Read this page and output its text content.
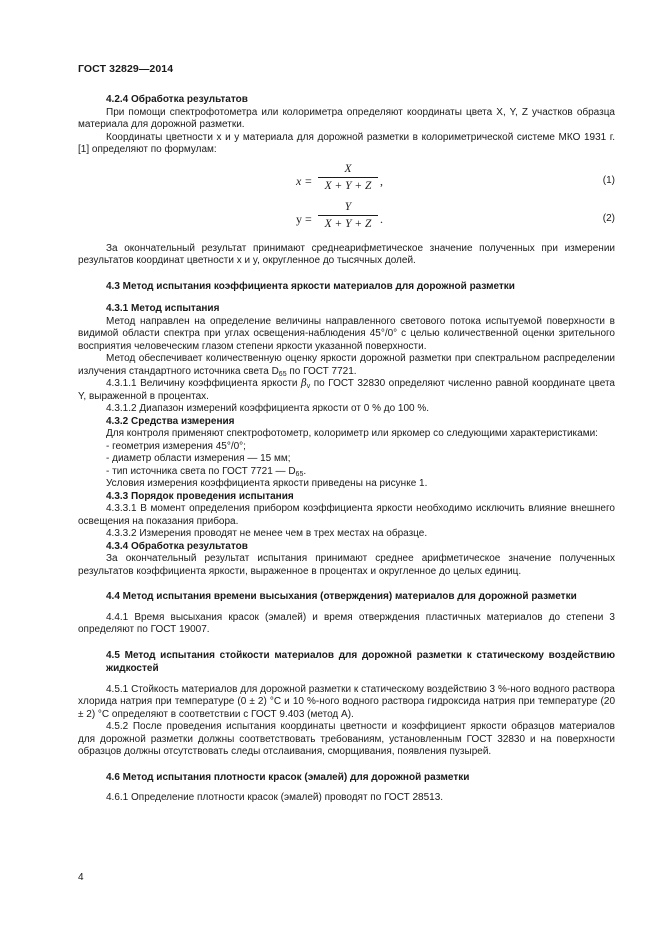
ГОСТ 32829—2014

4.2.4 Обработка результатов

При помощи спектрофотометра или колориметра определяют координаты цвета X, Y, Z участков образца материала для дорожной разметки.

Координаты цветности x и y материала для дорожной разметки в колориметрической системе МКО 1931 г. [1] определяют по формулам:

x =
X
X + Y + Z ,	(1)
y =
Y
X + Y + Z .	(2)

За окончательный результат принимают среднеарифметическое значение полученных при измерении результатов координат цветности x и y, округленное до тысячных долей.

4.3 Метод испытания коэффициента яркости материалов для дорожной разметки

4.3.1 Метод испытания

Метод направлен на определение величины направленного светового потока испытуемой поверхности в видимой области спектра при углах освещения-наблюдения 45°/0° с целью количественной оценки зрительного восприятия человеческим глазом степени яркости указанной поверхности.

Метод обеспечивает количественную оценку яркости дорожной разметки при спектральном распределении излучения стандартного источника света $D_{65}$ по ГОСТ 7721.

4.3.1.1 Величину коэффициента яркости $\beta_v$ по ГОСТ 32830 определяют численно равной координате цвета Y, выраженной в процентах.

4.3.1.2 Диапазон измерений коэффициента яркости от 0 % до 100 %.

4.3.2 Средства измерения

Для контроля применяют спектрофотометр, колориметр или яркомер со следующими характеристиками:

- геометрия измерения 45°/0°;

- диаметр области измерения — 15 мм;

- тип источника света по ГОСТ 7721 — $D_{65}$.

Условия измерения коэффициента яркости приведены на рисунке 1.

4.3.3 Порядок проведения испытания

4.3.3.1 В момент определения прибором коэффициента яркости необходимо исключить влияние внешнего освещения на показания прибора.

4.3.3.2 Измерения проводят не менее чем в трех местах на образце.

4.3.4 Обработка результатов

За окончательный результат испытания принимают среднее арифметическое значение полученных результатов коэффициента яркости, выраженное в процентах и округленное до целых единиц.

4.4 Метод испытания времени высыхания (отверждения) материалов для дорожной разметки

4.4.1 Время высыхания красок (эмалей) и время отверждения пластичных материалов до степени 3 определяют по ГОСТ 19007.

4.5 Метод испытания стойкости материалов для дорожной разметки к статическому воздействию жидкостей

4.5.1 Стойкость материалов для дорожной разметки к статическому воздействию 3 %-ного водного раствора хлорида натрия при температуре (0 ± 2) °С и 10 %-ного водного раствора гидроксида натрия при температуре (20 ± 2) °С определяют в соответствии с ГОСТ 9.403 (метод А).

4.5.2 После проведения испытания координаты цветности и коэффициент яркости образцов материалов для дорожной разметки должны соответствовать требованиям, установленным ГОСТ 32830 и на поверхности образцов должны отсутствовать следы отслаивания, сморщивания, появления пузырей.

4.6 Метод испытания плотности красок (эмалей) для дорожной разметки

4.6.1 Определение плотности красок (эмалей) проводят по ГОСТ 28513.

4
